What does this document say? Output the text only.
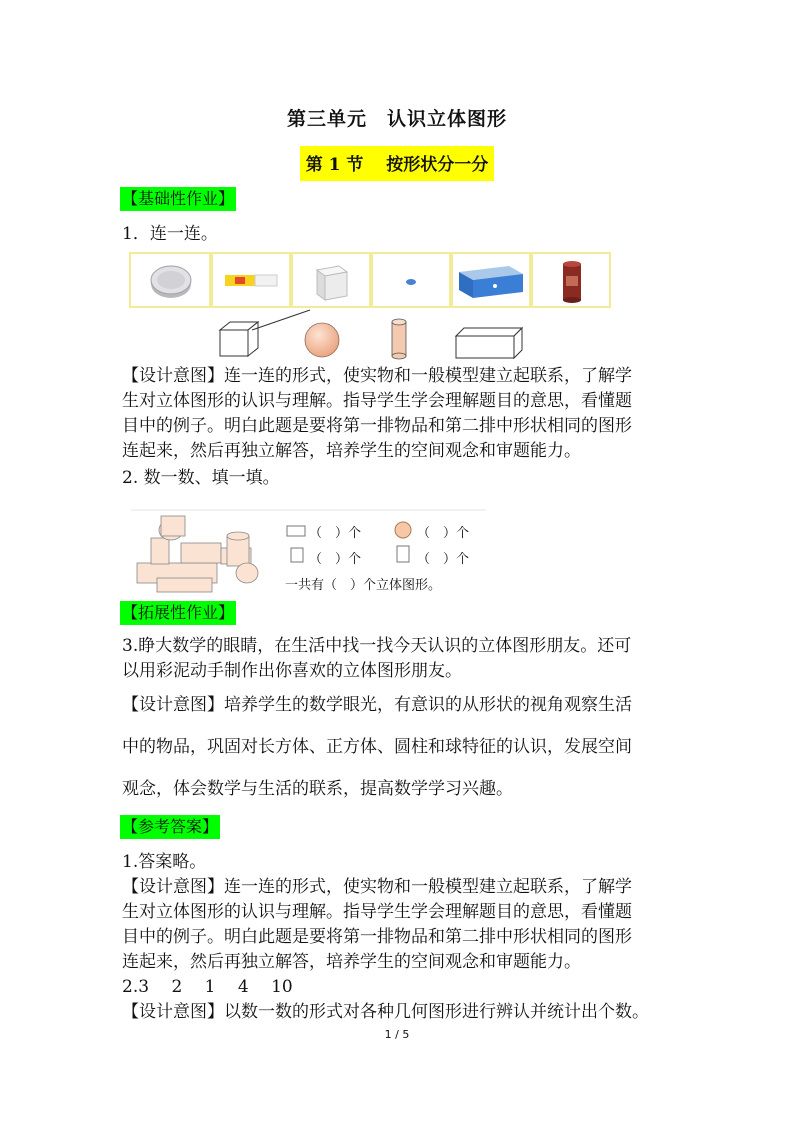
第三单元　认识立体图形
第 1 节　 按形状分一分
【基础性作业】
1．连一连。

【设计意图】连一连的形式，使实物和一般模型建立起联系，了解学

生对立体图形的认识与理解。指导学生学会理解题目的意思，看懂题

目中的例子。明白此题是要将第一排物品和第二排中形状相同的图形

连起来，然后再独立解答，培养学生的空间观念和审题能力。

2. 数一数、填一填。
（　）个	（　）个
（　）个	（　）个
一共有（　）个立体图形。
【拓展性作业】

3.睁大数学的眼睛，在生活中找一找今天认识的立体图形朋友。还可

以用彩泥动手制作出你喜欢的立体图形朋友。

【设计意图】培养学生的数学眼光，有意识的从形状的视角观察生活

中的物品，巩固对长方体、正方体、圆柱和球特征的认识，发展空间

观念，体会数学与生活的联系，提高数学学习兴趣。

【参考答案】

1.答案略。

【设计意图】连一连的形式，使实物和一般模型建立起联系，了解学

生对立体图形的认识与理解。指导学生学会理解题目的意思，看懂题

目中的例子。明白此题是要将第一排物品和第二排中形状相同的图形

连起来，然后再独立解答，培养学生的空间观念和审题能力。

2.3　 2　 1　 4　 10

【设计意图】以数一数的形式对各种几何图形进行辨认并统计出个数。

1 / 5
